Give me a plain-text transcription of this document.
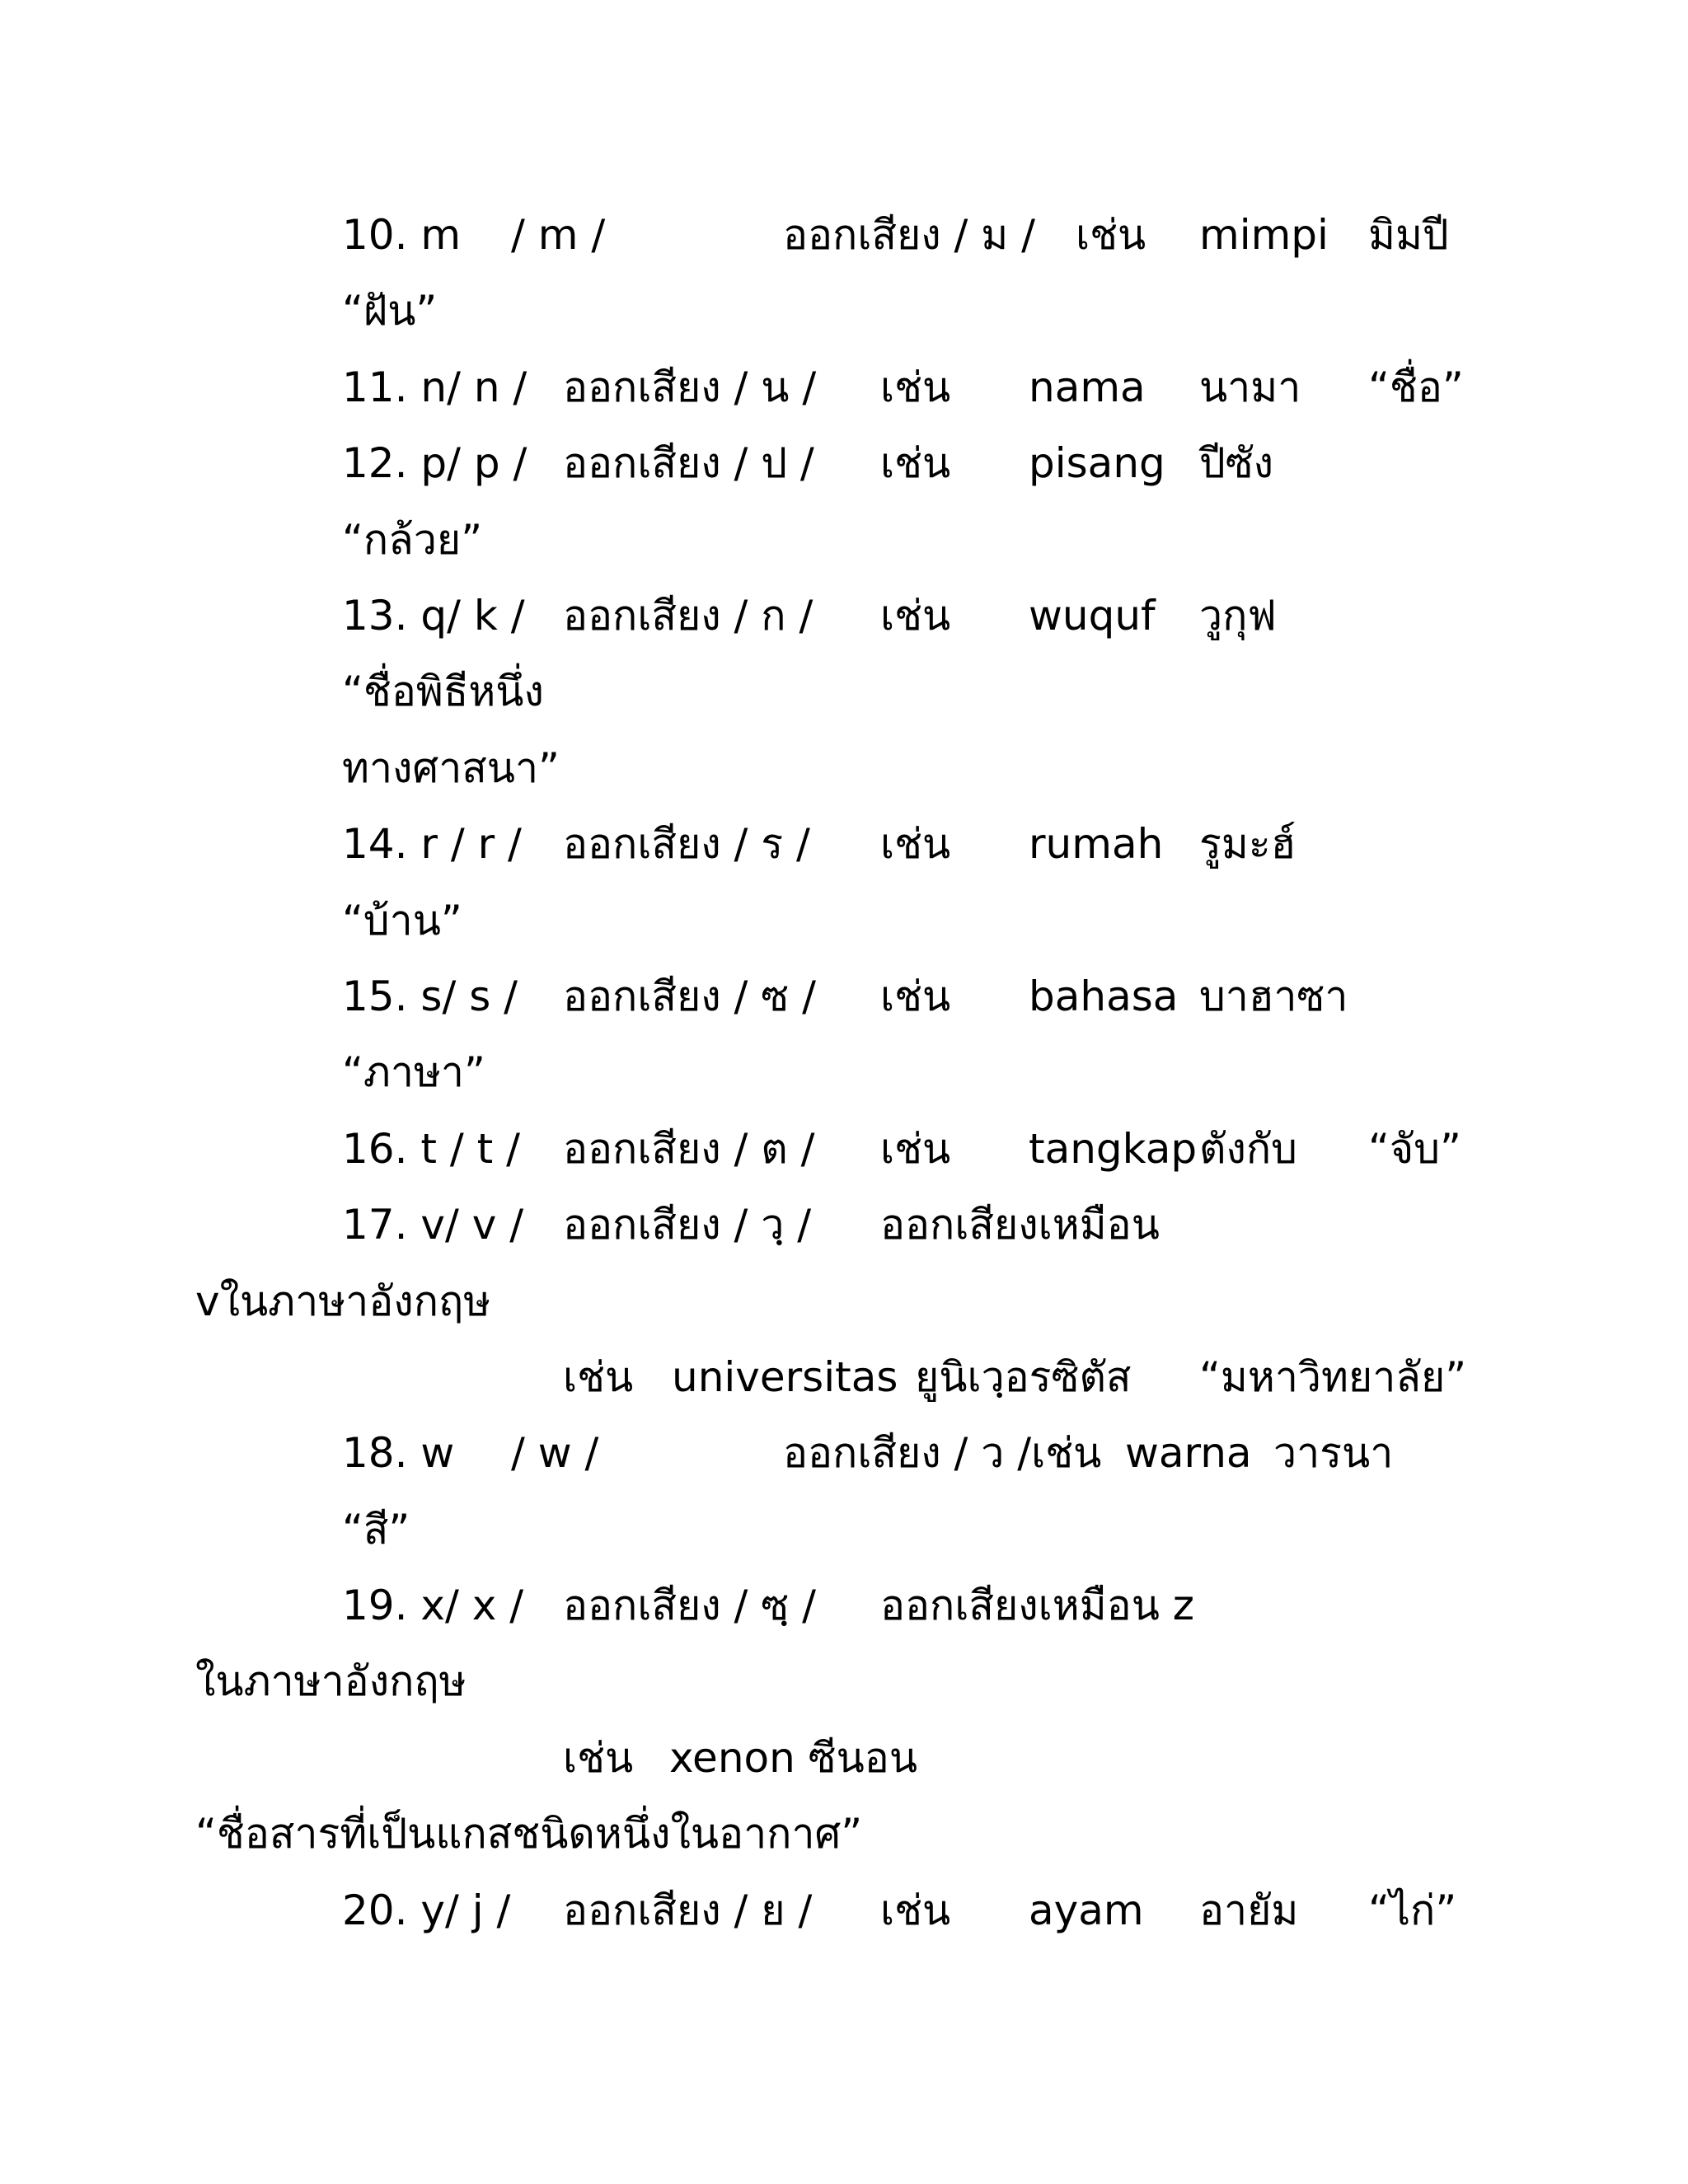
10. m / m /	ออกเสียง / ม / เช่น mimpi มิมปี
“ฝัน”
11. n/ n / ออกเสียง / น / เช่น nama นามา “ชื่อ”
12. p/ p / ออกเสียง / ป / เช่น pisang ปีซัง
“กล้วย”
13. q/ k / ออกเสียง / ก / เช่น wuquf วูกุฟ
“ชื่อพิธีหนึ่ง
ทางศาสนา”
14. r / r / ออกเสียง / ร / เช่น rumah รูมะฮ์
“บ้าน”
15. s/ s / ออกเสียง / ซ / เช่น bahasa บาฮาซา
“ภาษา”
16. t / t / ออกเสียง / ต / เช่น tangkap ตังกับ “จับ”
17. v/ v / ออกเสียง / วฺ / ออกเสียงเหมือน
vในภาษาอังกฤษ
เช่น universitas ยูนิเวฺอรซิตัส “มหาวิทยาลัย”
18. w / w /	ออกเสียง / ว /เช่น warna วารนา
“สี”
19. x/ x / ออกเสียง / ซฺ / ออกเสียงเหมือน z
ในภาษาอังกฤษ
เช่น xenon ซีนอน
“ชื่อสารที่เป็นแกสชนิดหนึ่งในอากาศ”
20. y/ j / ออกเสียง / ย / เช่น ayam อายัม “ไก่”
